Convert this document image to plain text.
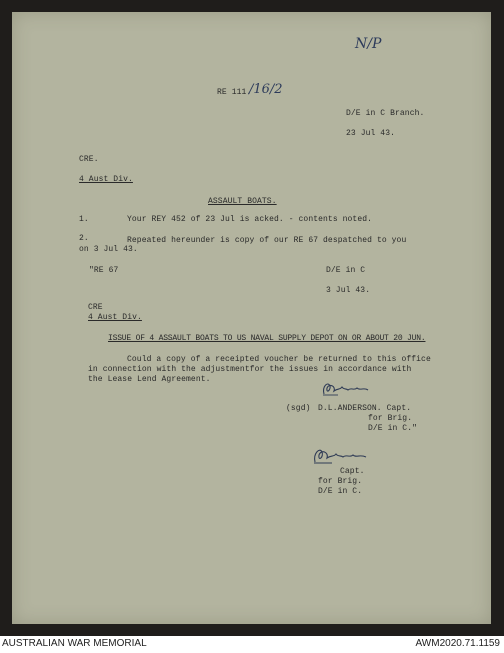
N/P
RE 111.
/16/2
D/E in C Branch.
23 Jul 43.
CRE.
4 Aust Div.
ASSAULT BOATS.
1.	Your REY 452 of 23 Jul is acked. - contents noted.
2.	Repeated hereunder is copy of our RE 67 despatched to you
on 3 Jul 43.
"RE 67	D/E in C
3 Jul 43.
CRE
4 Aust Div.
ISSUE OF 4 ASSAULT BOATS TO US NAVAL SUPPLY DEPOT ON OR ABOUT 20 JUN.
Could a copy of a receipted voucher be returned to this office
in connection with the adjustmentfor the issues in accordance with
the Lease Lend Agreement.
(sgd) D.L.ANDERSON. Capt.
for Brig.
D/E in C."
Capt.
for Brig.
D/E in C.
AUSTRALIAN WAR MEMORIAL	AWM2020.71.1159
